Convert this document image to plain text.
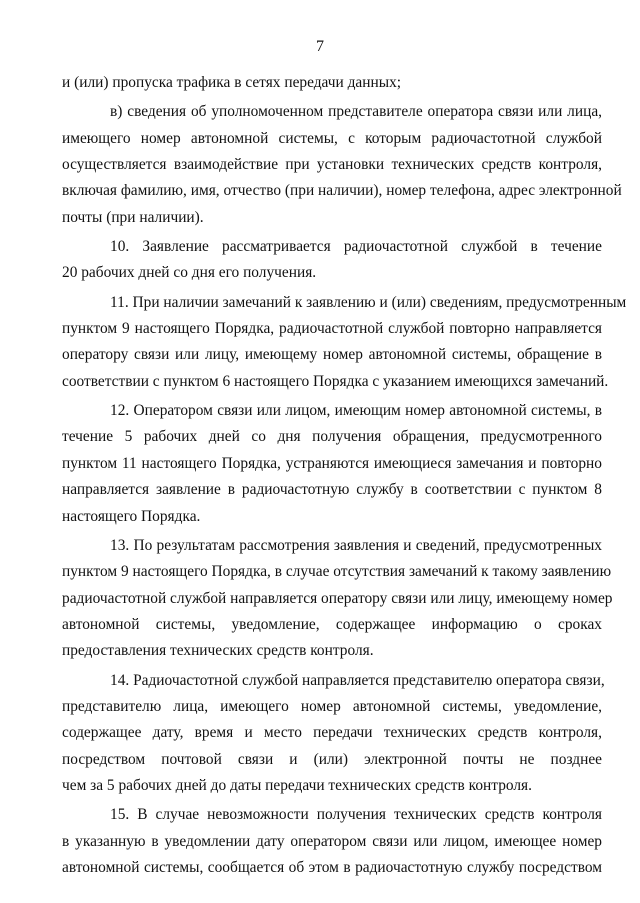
7
и (или) пропуска трафика в сетях передачи данных;
в) сведения об уполномоченном представителе оператора связи или лица,
имеющего номер автономной системы, с которым радиочастотной службой
осуществляется взаимодействие при установки технических средств контроля,
включая фамилию, имя, отчество (при наличии), номер телефона, адрес электронной
почты (при наличии).
10. Заявление рассматривается радиочастотной службой в течение
20 рабочих дней со дня его получения.
11. При наличии замечаний к заявлению и (или) сведениям, предусмотренным
пунктом 9 настоящего Порядка, радиочастотной службой повторно направляется
оператору связи или лицу, имеющему номер автономной системы, обращение в
соответствии с пунктом 6 настоящего Порядка с указанием имеющихся замечаний.
12. Оператором связи или лицом, имеющим номер автономной системы, в
течение 5 рабочих дней со дня получения обращения, предусмотренного
пунктом 11 настоящего Порядка, устраняются имеющиеся замечания и повторно
направляется заявление в радиочастотную службу в соответствии с пунктом 8
настоящего Порядка.
13. По результатам рассмотрения заявления и сведений, предусмотренных
пунктом 9 настоящего Порядка, в случае отсутствия замечаний к такому заявлению
радиочастотной службой направляется оператору связи или лицу, имеющему номер
автономной системы, уведомление, содержащее информацию о сроках
предоставления технических средств контроля.
14. Радиочастотной службой направляется представителю оператора связи,
представителю лица, имеющего номер автономной системы, уведомление,
содержащее дату, время и место передачи технических средств контроля,
посредством почтовой связи и (или) электронной почты не позднее
чем за 5 рабочих дней до даты передачи технических средств контроля.
15. В случае невозможности получения технических средств контроля
в указанную в уведомлении дату оператором связи или лицом, имеющее номер
автономной системы, сообщается об этом в радиочастотную службу посредством
